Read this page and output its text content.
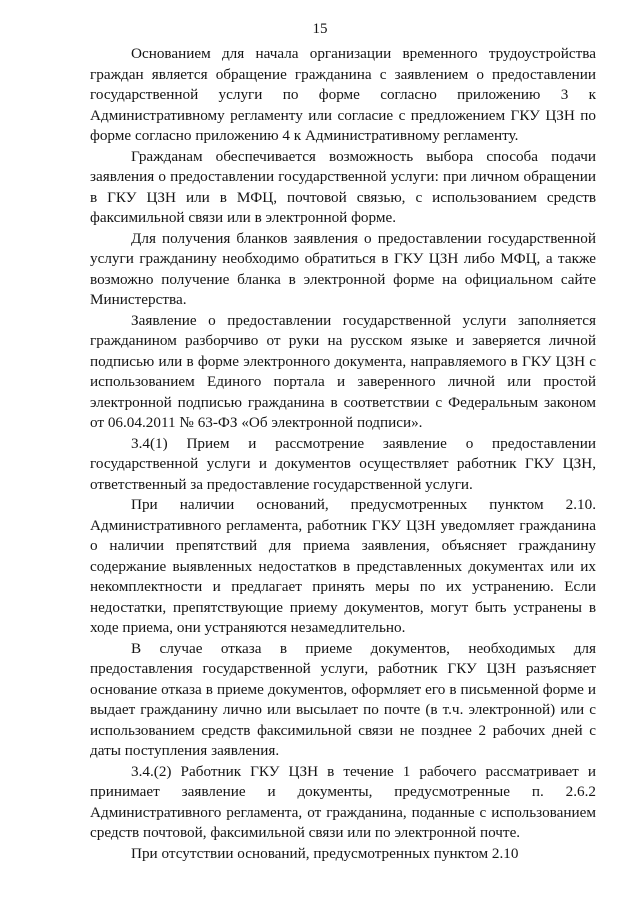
15

Основанием для начала организации временного трудоустройства граждан является обращение гражданина с заявлением о предоставлении государственной услуги по форме согласно приложению 3 к Административному регламенту или согласие с предложением ГКУ ЦЗН по форме согласно приложению 4 к Административному регламенту.

Гражданам обеспечивается возможность выбора способа подачи заявления о предоставлении государственной услуги: при личном обращении в ГКУ ЦЗН или в МФЦ, почтовой связью, с использованием средств факсимильной связи или в электронной форме.

Для получения бланков заявления о предоставлении государственной услуги гражданину необходимо обратиться в ГКУ ЦЗН либо МФЦ, а также возможно получение бланка в электронной форме на официальном сайте Министерства.

Заявление о предоставлении государственной услуги заполняется гражданином разборчиво от руки на русском языке и заверяется личной подписью или в форме электронного документа, направляемого в ГКУ ЦЗН с использованием Единого портала и заверенного личной или простой электронной подписью гражданина в соответствии с Федеральным законом от 06.04.2011 № 63-ФЗ «Об электронной подписи».

3.4(1) Прием и рассмотрение заявление о предоставлении государственной услуги и документов осуществляет работник ГКУ ЦЗН, ответственный за предоставление государственной услуги.

При наличии оснований, предусмотренных пунктом 2.10. Административного регламента, работник ГКУ ЦЗН уведомляет гражданина о наличии препятствий для приема заявления, объясняет гражданину содержание выявленных недостатков в представленных документах или их некомплектности и предлагает принять меры по их устранению. Если недостатки, препятствующие приему документов, могут быть устранены в ходе приема, они устраняются незамедлительно.

В случае отказа в приеме документов, необходимых для предоставления государственной услуги, работник ГКУ ЦЗН разъясняет основание отказа в приеме документов, оформляет его в письменной форме и выдает гражданину лично или высылает по почте (в т.ч. электронной) или с использованием средств факсимильной связи не позднее 2 рабочих дней с даты поступления заявления.

3.4.(2) Работник ГКУ ЦЗН в течение 1 рабочего рассматривает и принимает заявление и документы, предусмотренные п. 2.6.2 Административного регламента, от гражданина, поданные с использованием средств почтовой, факсимильной связи или по электронной почте.

При отсутствии оснований, предусмотренных пунктом 2.10
